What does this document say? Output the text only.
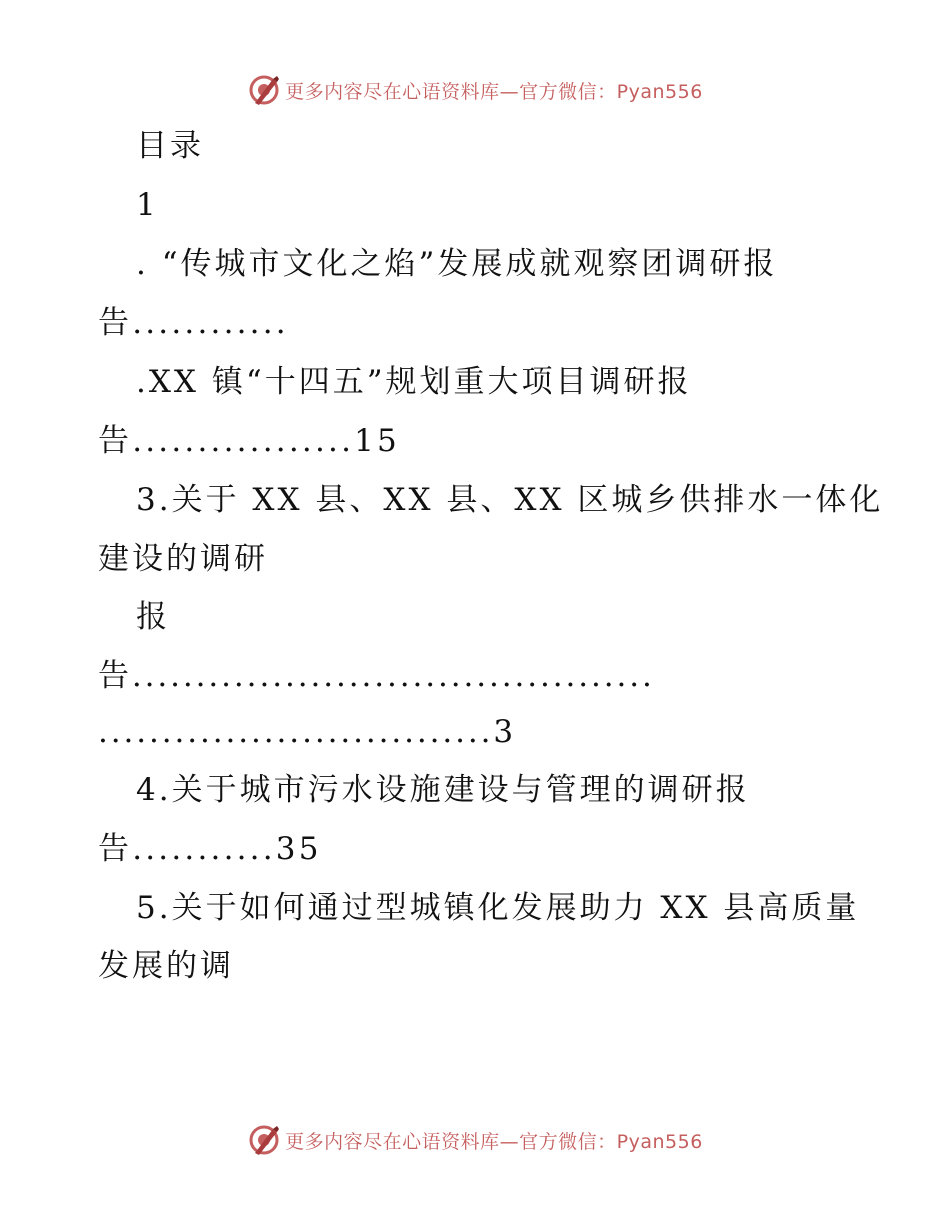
更多内容尽在心语资料库—官方微信：Pyan556
目录
1
. “传城市文化之焰”发展成就观察团调研报
告............
.XX 镇“十四五”规划重大项目调研报
告.................15
3.关于 XX 县、XX 县、XX 区城乡供排水一体化
建设的调研
报
告.........................................
...............................3
4.关于城市污水设施建设与管理的调研报
告...........35
5.关于如何通过型城镇化发展助力 XX 县高质量
发展的调
更多内容尽在心语资料库—官方微信：Pyan556
